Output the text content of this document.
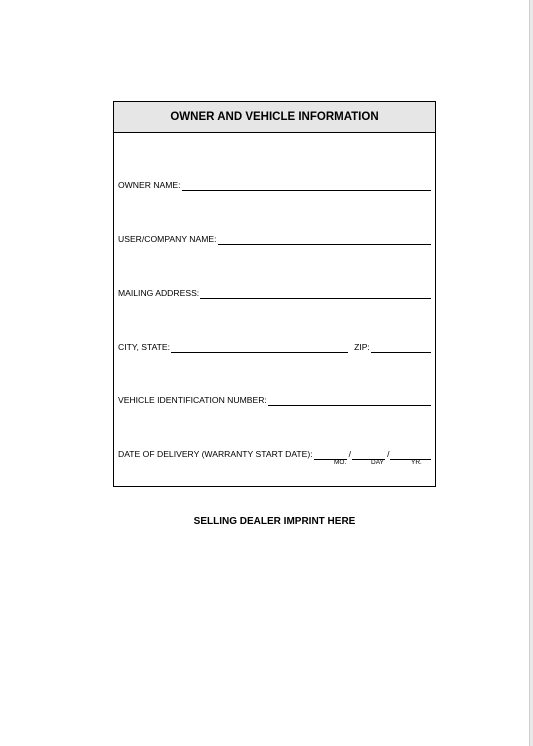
OWNER AND VEHICLE INFORMATION
OWNER NAME:
USER/COMPANY NAME:
MAILING ADDRESS:
CITY, STATE:	ZIP:
VEHICLE IDENTIFICATION NUMBER:
DATE OF DELIVERY (WARRANTY START DATE):	/	/
MO.	DAY	YR.
SELLING DEALER IMPRINT HERE
